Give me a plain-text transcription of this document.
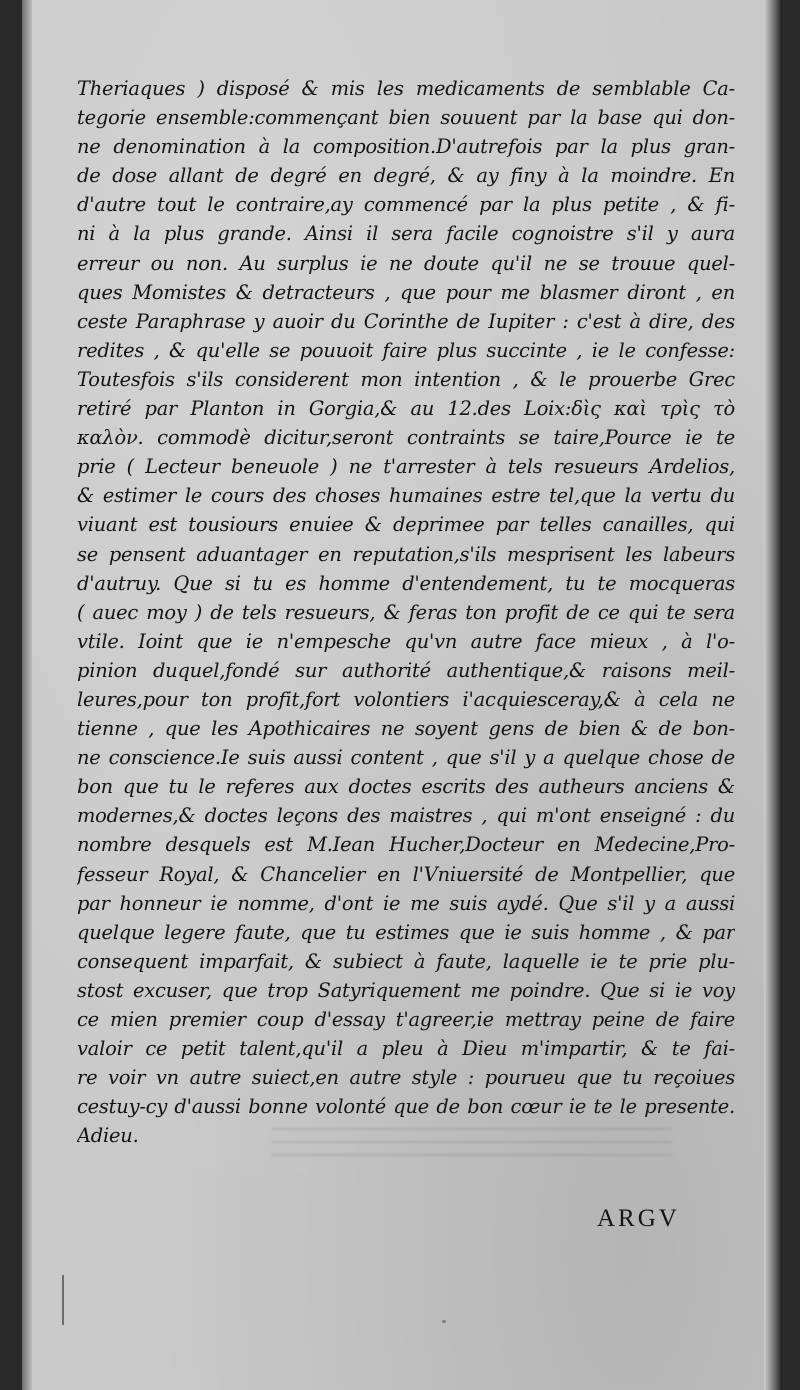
Theriaques ) disposé & mis les medicaments de semblable Ca-
tegorie ensemble:commençant bien souuent par la base qui don-
ne denomination à la composition.D'autrefois par la plus gran-
de dose allant de degré en degré, & ay finy à la moindre. En
d'autre tout le contraire,ay commencé par la plus petite , & fi-
ni à la plus grande. Ainsi il sera facile cognoistre s'il y aura
erreur ou non. Au surplus ie ne doute qu'il ne se trouue quel-
ques Momistes & detracteurs , que pour me blasmer diront , en
ceste Paraphrase y auoir du Corinthe de Iupiter : c'est à dire, des
redites , & qu'elle se pouuoit faire plus succinte , ie le confesse:
Toutesfois s'ils considerent mon intention , & le prouerbe Grec
retiré par Planton in Gorgia,& au 12.des Loix:δὶς καὶ τρὶς τὸ
καλὸν. commodè dicitur,seront contraints se taire,Pource ie te
prie ( Lecteur beneuole ) ne t'arrester à tels resueurs Ardelios,
& estimer le cours des choses humaines estre tel,que la vertu du
viuant est tousiours enuiee & deprimee par telles canailles, qui
se pensent aduantager en reputation,s'ils mesprisent les labeurs
d'autruy. Que si tu es homme d'entendement, tu te mocqueras
( auec moy ) de tels resueurs, & feras ton profit de ce qui te sera
vtile. Ioint que ie n'empesche qu'vn autre face mieux , à l'o-
pinion duquel,fondé sur authorité authentique,& raisons meil-
leures,pour ton profit,fort volontiers i'acquiesceray,& à cela ne
tienne , que les Apothicaires ne soyent gens de bien & de bon-
ne conscience.Ie suis aussi content , que s'il y a quelque chose de
bon que tu le referes aux doctes escrits des autheurs anciens &
modernes,& doctes leçons des maistres , qui m'ont enseigné : du
nombre desquels est M.Iean Hucher,Docteur en Medecine,Pro-
fesseur Royal, & Chancelier en l'Vniuersité de Montpellier, que
par honneur ie nomme, d'ont ie me suis aydé. Que s'il y a aussi
quelque legere faute, que tu estimes que ie suis homme , & par
consequent imparfait, & subiect à faute, laquelle ie te prie plu-
stost excuser, que trop Satyriquement me poindre. Que si ie voy
ce mien premier coup d'essay t'agreer,ie mettray peine de faire
valoir ce petit talent,qu'il a pleu à Dieu m'impartir, & te fai-
re voir vn autre suiect,en autre style : pourueu que tu reçoiues
cestuy-cy d'aussi bonne volonté que de bon cœur ie te le presente.
Adieu.
ARGV
